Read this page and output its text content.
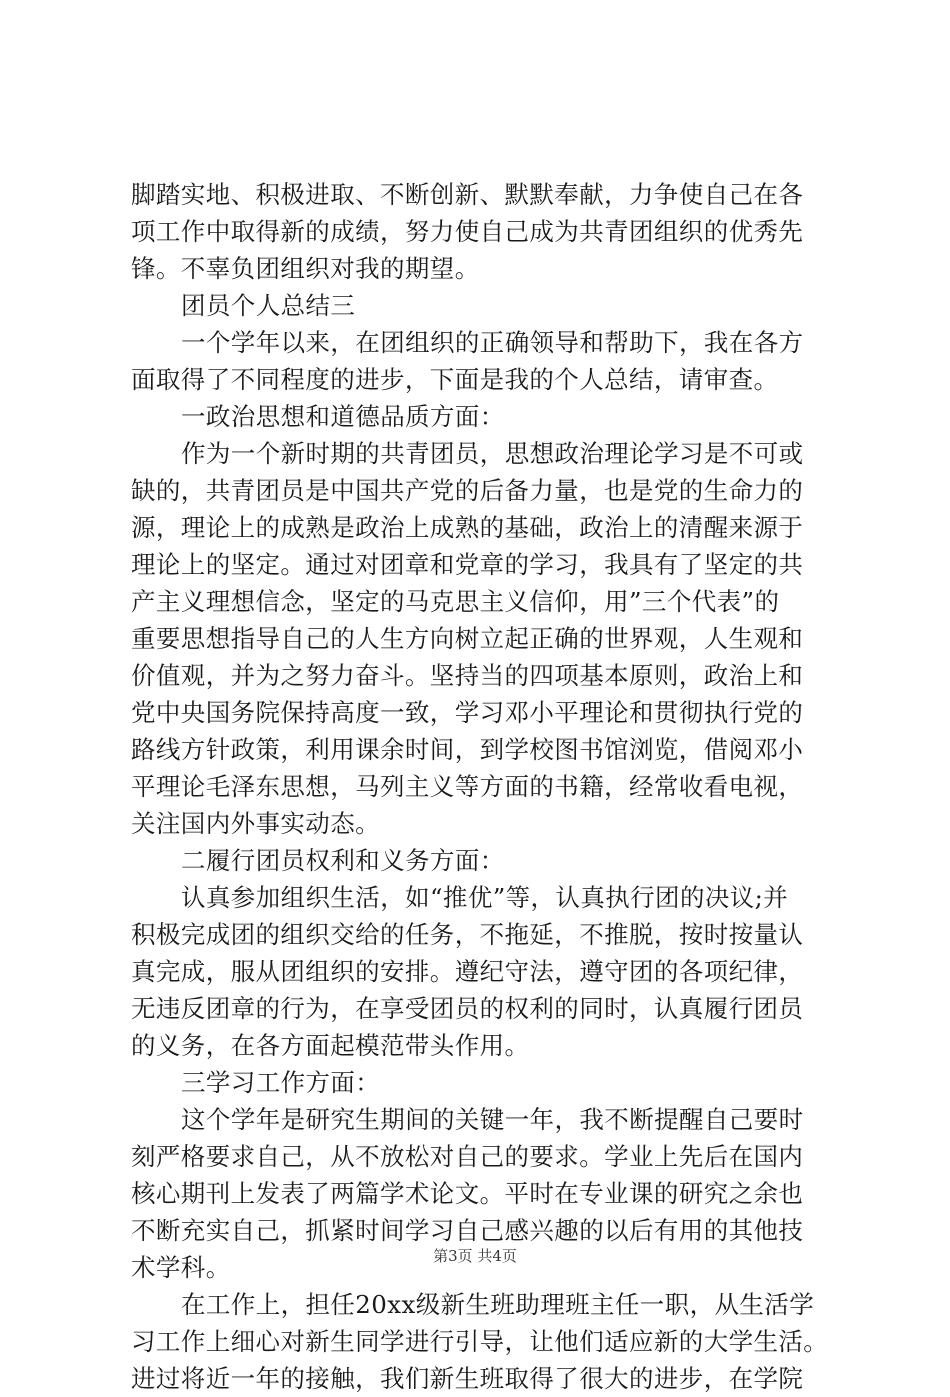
脚踏实地、积极进取、不断创新、默默奉献，力争使自己在各
项工作中取得新的成绩，努力使自己成为共青团组织的优秀先
锋。不辜负团组织对我的期望。
团员个人总结三
一个学年以来，在团组织的正确领导和帮助下，我在各方
面取得了不同程度的进步，下面是我的个人总结，请审查。
一政治思想和道德品质方面：
作为一个新时期的共青团员，思想政治理论学习是不可或
缺的，共青团员是中国共产党的后备力量，也是党的生命力的
源，理论上的成熟是政治上成熟的基础，政治上的清醒来源于
理论上的坚定。通过对团章和党章的学习，我具有了坚定的共
产主义理想信念，坚定的马克思主义信仰，用”三个代表”的
重要思想指导自己的人生方向树立起正确的世界观，人生观和
价值观，并为之努力奋斗。坚持当的四项基本原则，政治上和
党中央国务院保持高度一致，学习邓小平理论和贯彻执行党的
路线方针政策，利用课余时间，到学校图书馆浏览，借阅邓小
平理论毛泽东思想，马列主义等方面的书籍，经常收看电视，
关注国内外事实动态。
二履行团员权利和义务方面：
认真参加组织生活，如“推优”等，认真执行团的决议;并
积极完成团的组织交给的任务，不拖延，不推脱，按时按量认
真完成，服从团组织的安排。遵纪守法，遵守团的各项纪律，
无违反团章的行为，在享受团员的权利的同时，认真履行团员
的义务，在各方面起模范带头作用。
三学习工作方面：
这个学年是研究生期间的关键一年，我不断提醒自己要时
刻严格要求自己，从不放松对自己的要求。学业上先后在国内
核心期刊上发表了两篇学术论文。平时在专业课的研究之余也
不断充实自己，抓紧时间学习自己感兴趣的以后有用的其他技
术学科。
在工作上，担任20xx级新生班助理班主任一职，从生活学
习工作上细心对新生同学进行引导，让他们适应新的大学生活。
进过将近一年的接触，我们新生班取得了很大的进步，在学院
第3页 共4页
